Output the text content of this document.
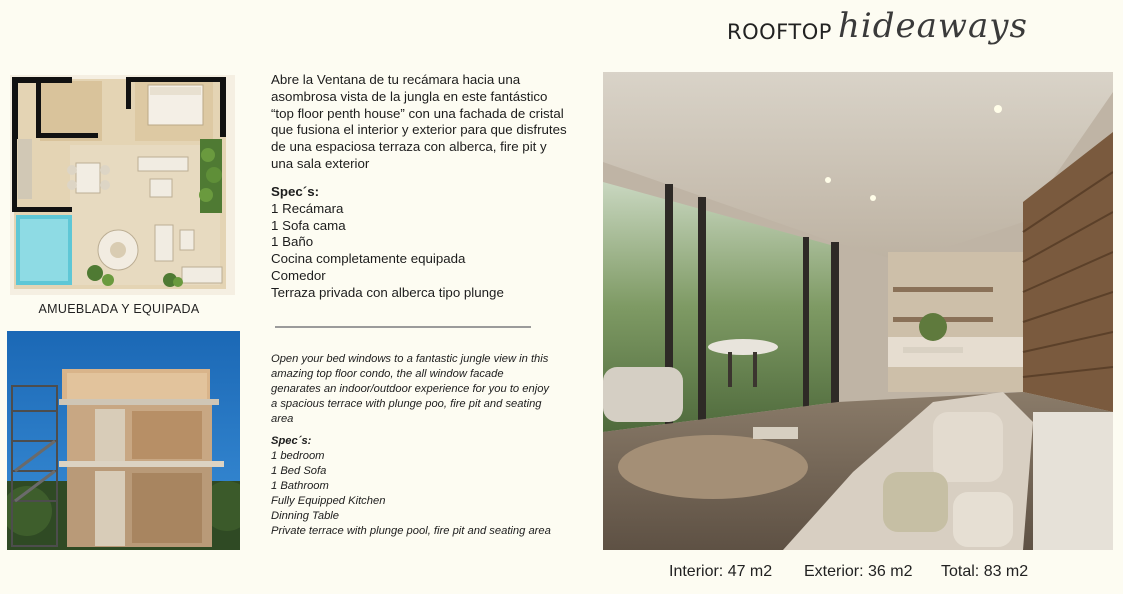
ROOFTOP hideaways
AMUEBLADA Y EQUIPADA
Abre la Ventana de tu recámara hacia una asombrosa vista de la jungla en este fantástico “top floor penth house” con una fachada de cristal que fusiona el interior y exterior para que disfrutes de una espaciosa terraza con alberca, fire pit y una sala exterior
Spec´s:
1 Recámara
1 Sofa cama
1 Baño
Cocina completamente equipada
Comedor
Terraza privada con alberca tipo plunge
Open your bed windows to a fantastic jungle view in this amazing top floor condo, the all window facade genarates an indoor/outdoor experience for you to enjoy a spacious terrace with plunge poo, fire pit and seating area
Spec´s:
1 bedroom
1 Bed Sofa
1 Bathroom
Fully Equipped Kitchen
Dinning Table
Private terrace with plunge pool, fire pit and seating area
Interior: 47 m2 Exterior: 36 m2 Total: 83 m2
